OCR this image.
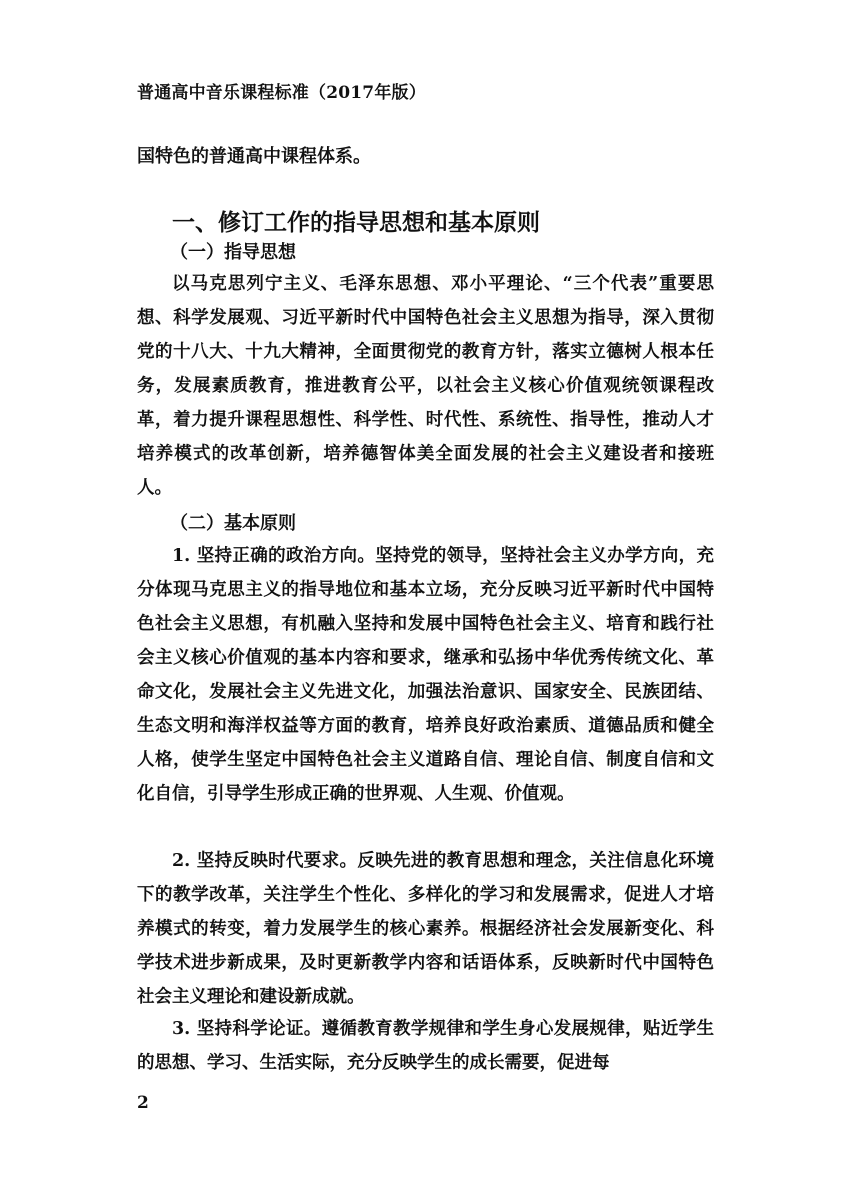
普通高中音乐课程标准（2017年版）
国特色的普通高中课程体系。
一、修订工作的指导思想和基本原则
（一）指导思想

以马克思列宁主义、毛泽东思想、邓小平理论、“三个代表”重要思想、科学发展观、习近平新时代中国特色社会主义思想为指导，深入贯彻党的十八大、十九大精神，全面贯彻党的教育方针，落实立德树人根本任务，发展素质教育，推进教育公平，以社会主义核心价值观统领课程改革，着力提升课程思想性、科学性、时代性、系统性、指导性，推动人才培养模式的改革创新，培养德智体美全面发展的社会主义建设者和接班人。

（二）基本原则

1. 坚持正确的政治方向。坚持党的领导，坚持社会主义办学方向，充分体现马克思主义的指导地位和基本立场，充分反映习近平新时代中国特色社会主义思想，有机融入坚持和发展中国特色社会主义、培育和践行社会主义核心价值观的基本内容和要求，继承和弘扬中华优秀传统文化、革命文化，发展社会主义先进文化，加强法治意识、国家安全、民族团结、生态文明和海洋权益等方面的教育，培养良好政治素质、道德品质和健全人格，使学生坚定中国特色社会主义道路自信、理论自信、制度自信和文化自信，引导学生形成正确的世界观、人生观、价值观。

2. 坚持反映时代要求。反映先进的教育思想和理念，关注信息化环境下的教学改革，关注学生个性化、多样化的学习和发展需求，促进人才培养模式的转变，着力发展学生的核心素养。根据经济社会发展新变化、科学技术进步新成果，及时更新教学内容和话语体系，反映新时代中国特色社会主义理论和建设新成就。

3. 坚持科学论证。遵循教育教学规律和学生身心发展规律，贴近学生的思想、学习、生活实际，充分反映学生的成长需要，促进每

2
